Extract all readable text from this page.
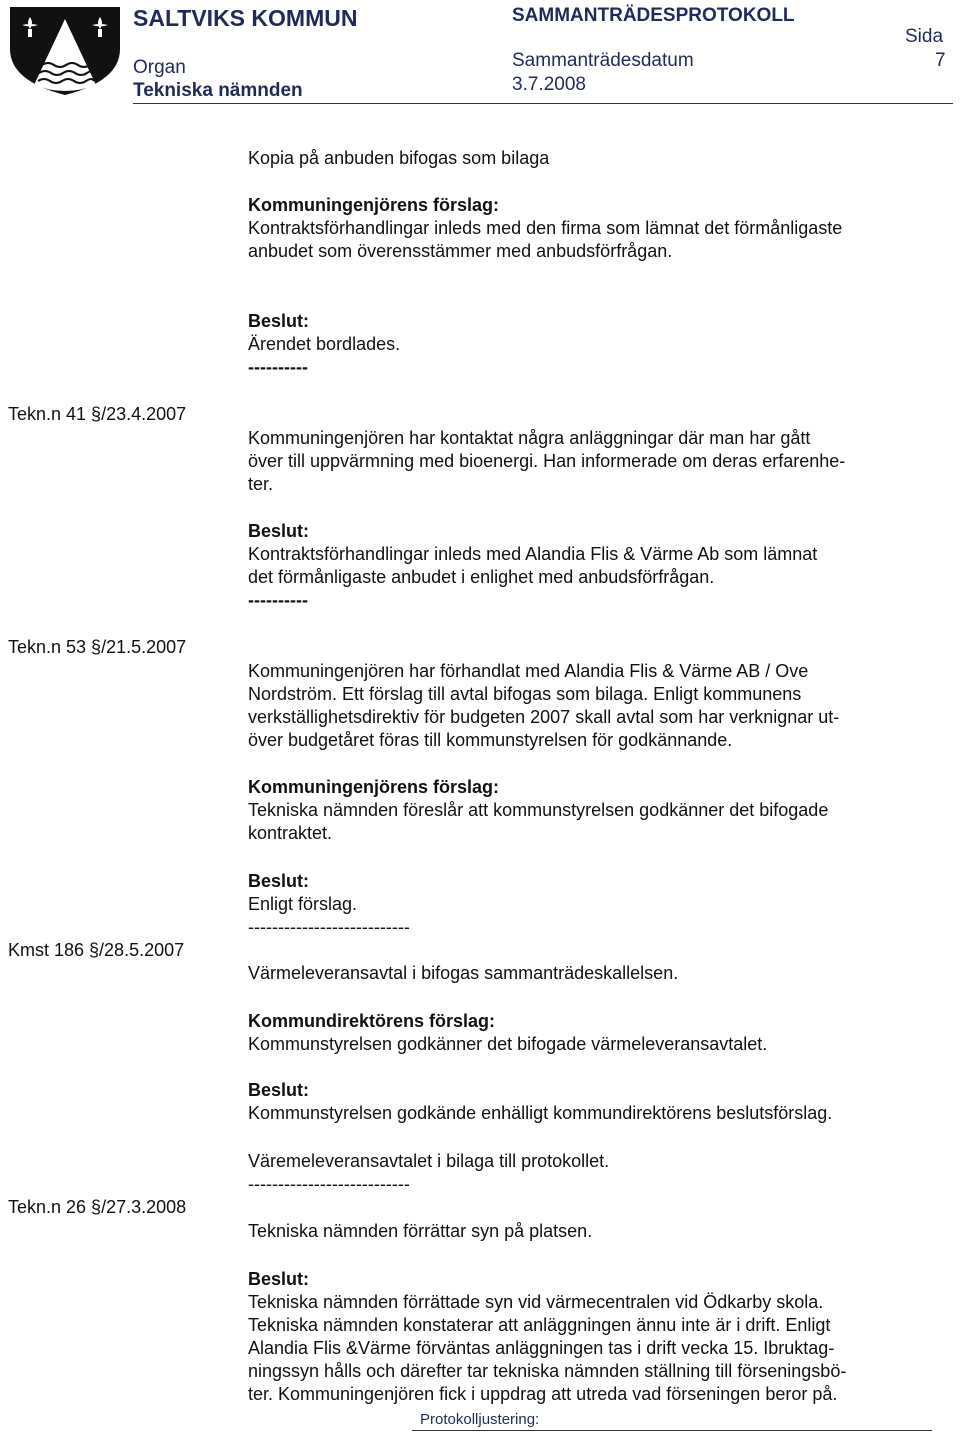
SALTVIKS KOMMUN	SAMMANTRÄDESPROTOKOLL
Sida
7
Organ
Tekniska nämnden
Sammanträdesdatum
3.7.2008
Kopia på anbuden bifogas som bilaga
Kommuningenjörens förslag:
Kontraktsförhandlingar inleds med den firma som lämnat det förmånligaste
anbudet som överensstämmer med anbudsförfrågan.
Beslut:
Ärendet bordlades.
----------
Tekn.n 41 §/23.4.2007
Kommuningenjören har kontaktat några anläggningar där man har gått
över till uppvärmning med bioenergi. Han informerade om deras erfarenhe-
ter.
Beslut:
Kontraktsförhandlingar inleds med Alandia Flis & Värme Ab som lämnat
det förmånligaste anbudet i enlighet med anbudsförfrågan.
----------
Tekn.n 53 §/21.5.2007
Kommuningenjören har förhandlat med Alandia Flis & Värme AB / Ove
Nordström. Ett förslag till avtal bifogas som bilaga. Enligt kommunens
verkställighetsdirektiv för budgeten 2007 skall avtal som har verknignar ut-
över budgetåret föras till kommunstyrelsen för godkännande.
Kommuningenjörens förslag:
Tekniska nämnden föreslår att kommunstyrelsen godkänner det bifogade
kontraktet.
Beslut:
Enligt förslag.
---------------------------
Kmst 186 §/28.5.2007
Värmeleveransavtal i bifogas sammanträdeskallelsen.
Kommundirektörens förslag:
Kommunstyrelsen godkänner det bifogade värmeleveransavtalet.
Beslut:
Kommunstyrelsen godkände enhälligt kommundirektörens beslutsförslag.
Väremeleveransavtalet i bilaga till protokollet.
---------------------------
Tekn.n 26 §/27.3.2008
Tekniska nämnden förrättar syn på platsen.
Beslut:
Tekniska nämnden förrättade syn vid värmecentralen vid Ödkarby skola.
Tekniska nämnden konstaterar att anläggningen ännu inte är i drift. Enligt
Alandia Flis &Värme förväntas anläggningen tas i drift vecka 15. Ibruktag-
ningssyn hålls och därefter tar tekniska nämnden ställning till förseningsbö-
ter. Kommuningenjören fick i uppdrag att utreda vad förseningen beror på.
Protokolljustering:
